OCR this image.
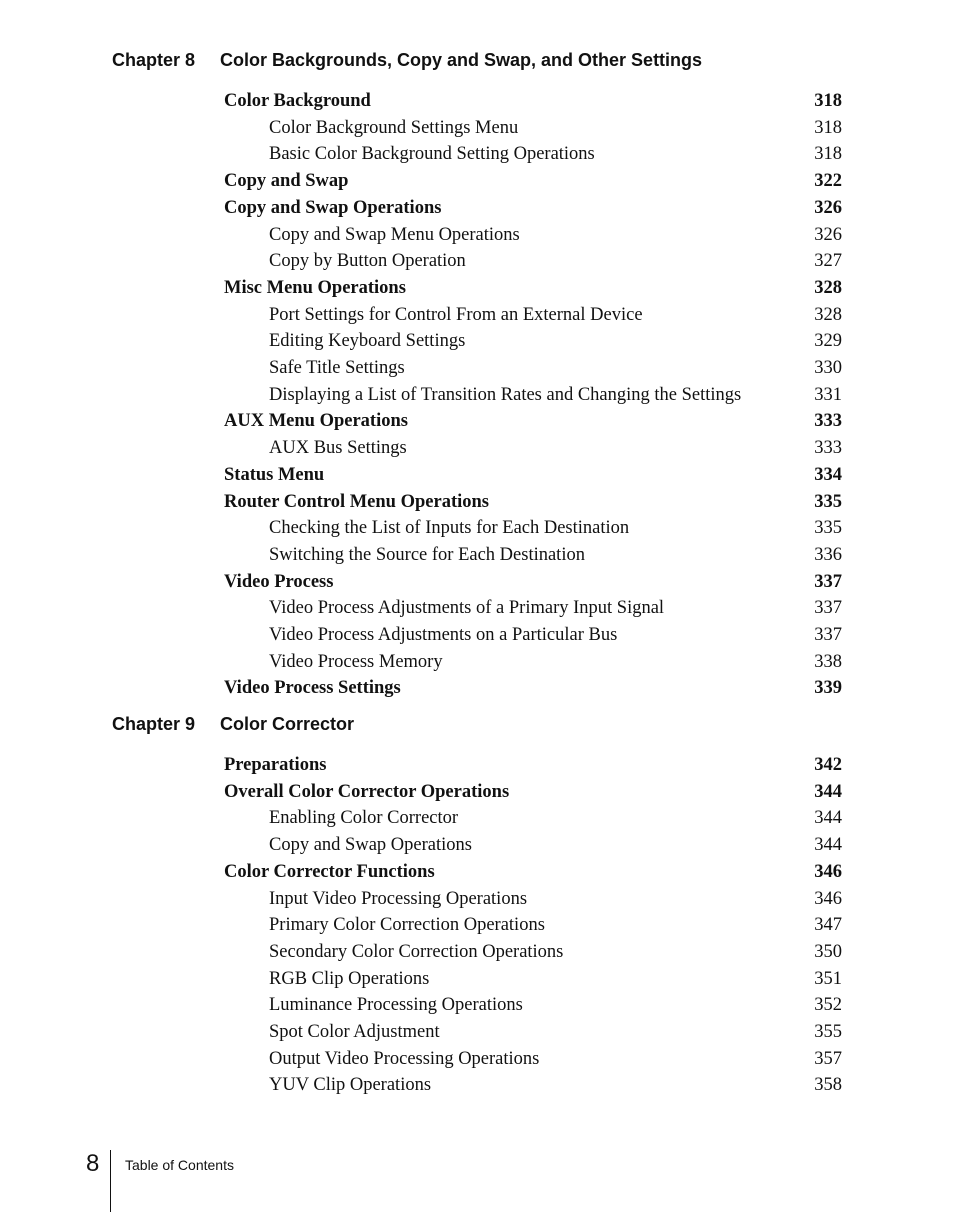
Chapter 8 Color Backgrounds, Copy and Swap, and Other Settings
Color Background	318
Color Background Settings Menu	318
Basic Color Background Setting Operations	318
Copy and Swap	322
Copy and Swap Operations	326
Copy and Swap Menu Operations	326
Copy by Button Operation	327
Misc Menu Operations	328
Port Settings for Control From an External Device	328
Editing Keyboard Settings	329
Safe Title Settings	330
Displaying a List of Transition Rates and Changing the Settings	331
AUX Menu Operations	333
AUX Bus Settings	333
Status Menu	334
Router Control Menu Operations	335
Checking the List of Inputs for Each Destination	335
Switching the Source for Each Destination	336
Video Process	337
Video Process Adjustments of a Primary Input Signal	337
Video Process Adjustments on a Particular Bus	337
Video Process Memory	338
Video Process Settings	339
Chapter 9 Color Corrector
Preparations	342
Overall Color Corrector Operations	344
Enabling Color Corrector	344
Copy and Swap Operations	344
Color Corrector Functions	346
Input Video Processing Operations	346
Primary Color Correction Operations	347
Secondary Color Correction Operations	350
RGB Clip Operations	351
Luminance Processing Operations	352
Spot Color Adjustment	355
Output Video Processing Operations	357
YUV Clip Operations	358
8 Table of Contents
